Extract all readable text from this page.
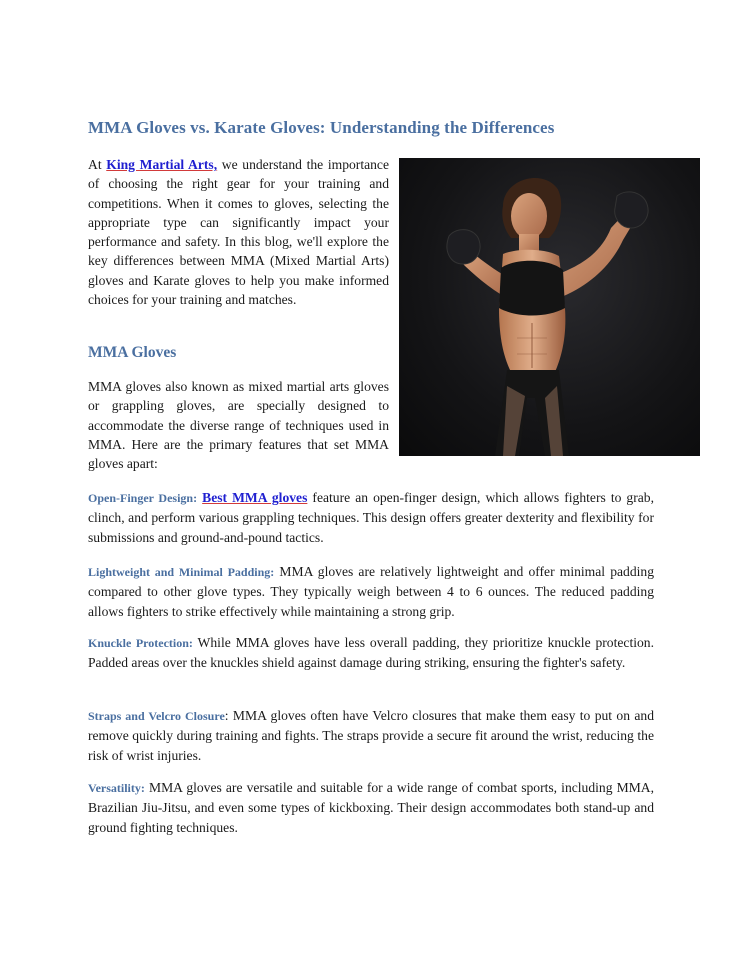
MMA Gloves vs. Karate Gloves: Understanding the Differences
At King Martial Arts, we understand the importance of choosing the right gear for your training and competitions. When it comes to gloves, selecting the appropriate type can significantly impact your performance and safety. In this blog, we'll explore the key differences between MMA (Mixed Martial Arts) gloves and Karate gloves to help you make informed choices for your training and matches.
MMA Gloves
MMA gloves also known as mixed martial arts gloves or grappling gloves, are specially designed to accommodate the diverse range of techniques used in MMA. Here are the primary features that set MMA gloves apart:
Open-Finger Design: Best MMA gloves feature an open-finger design, which allows fighters to grab, clinch, and perform various grappling techniques. This design offers greater dexterity and flexibility for submissions and ground-and-pound tactics.
Lightweight and Minimal Padding: MMA gloves are relatively lightweight and offer minimal padding compared to other glove types. They typically weigh between 4 to 6 ounces. The reduced padding allows fighters to strike effectively while maintaining a strong grip.
Knuckle Protection: While MMA gloves have less overall padding, they prioritize knuckle protection. Padded areas over the knuckles shield against damage during striking, ensuring the fighter's safety.
Straps and Velcro Closure: MMA gloves often have Velcro closures that make them easy to put on and remove quickly during training and fights. The straps provide a secure fit around the wrist, reducing the risk of wrist injuries.
Versatility: MMA gloves are versatile and suitable for a wide range of combat sports, including MMA, Brazilian Jiu-Jitsu, and even some types of kickboxing. Their design accommodates both stand-up and ground fighting techniques.
